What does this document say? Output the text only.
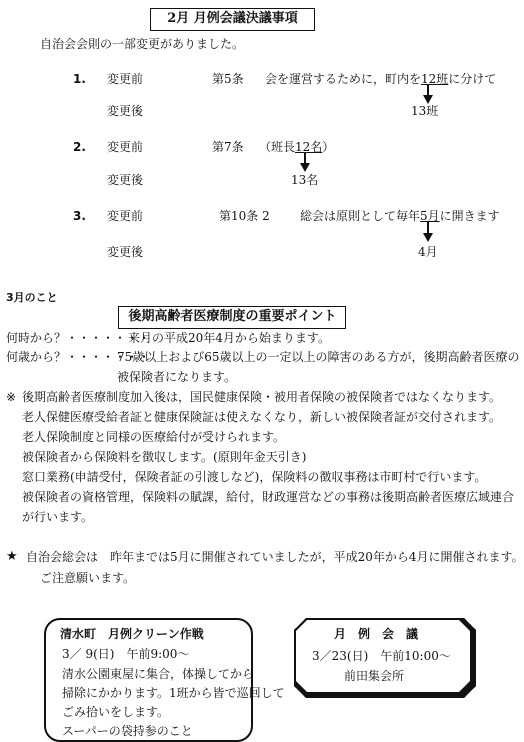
2月 月例会議決議事項
自治会会則の一部変更がありました。
1. 変更前	第5条 会を運営するために，町内を12班に分けて
変更後	13班
2. 変更前	第7条 （班長12名）
変更後	13名
3. 変更前	第10条 2	総会は原則として毎年5月に開きます
変更後	4月
3月のこと
後期高齢者医療制度の重要ポイント
何時から？・・・・・・・
来月の平成20年4月から始まります。
何歳から？・・・・・・・
75歳以上および65歳以上の一定以上の障害のある方が，後期高齢者医療の
被保険者になります。
※ 後期高齢者医療制度加入後は，国民健康保険・被用者保険の被保険者ではなくなります。
老人保健医療受給者証と健康保険証は使えなくなり，新しい被保険者証が交付されます。
老人保険制度と同様の医療給付が受けられます。
被保険者から保険料を徴収します。(原則年金天引き)
窓口業務(申請受付，保険者証の引渡しなど)，保険料の徴収事務は市町村で行います。
被保険者の資格管理，保険料の賦課，給付，財政運営などの事務は後期高齢者医療広域連合
が行います。
★ 自治会総会は　昨年までは5月に開催されていましたが，平成20年から4月に開催されます。
ご注意願います。
清水町　月例クリーン作戦
3／ 9(日)　午前9:00～
清水公園東屋に集合，体操してから
掃除にかかります。1班から皆で巡回して
ごみ拾いをします。
スーパーの袋持参のこと
月　例　会　議
3／23(日)　午前10:00～
前田集会所
